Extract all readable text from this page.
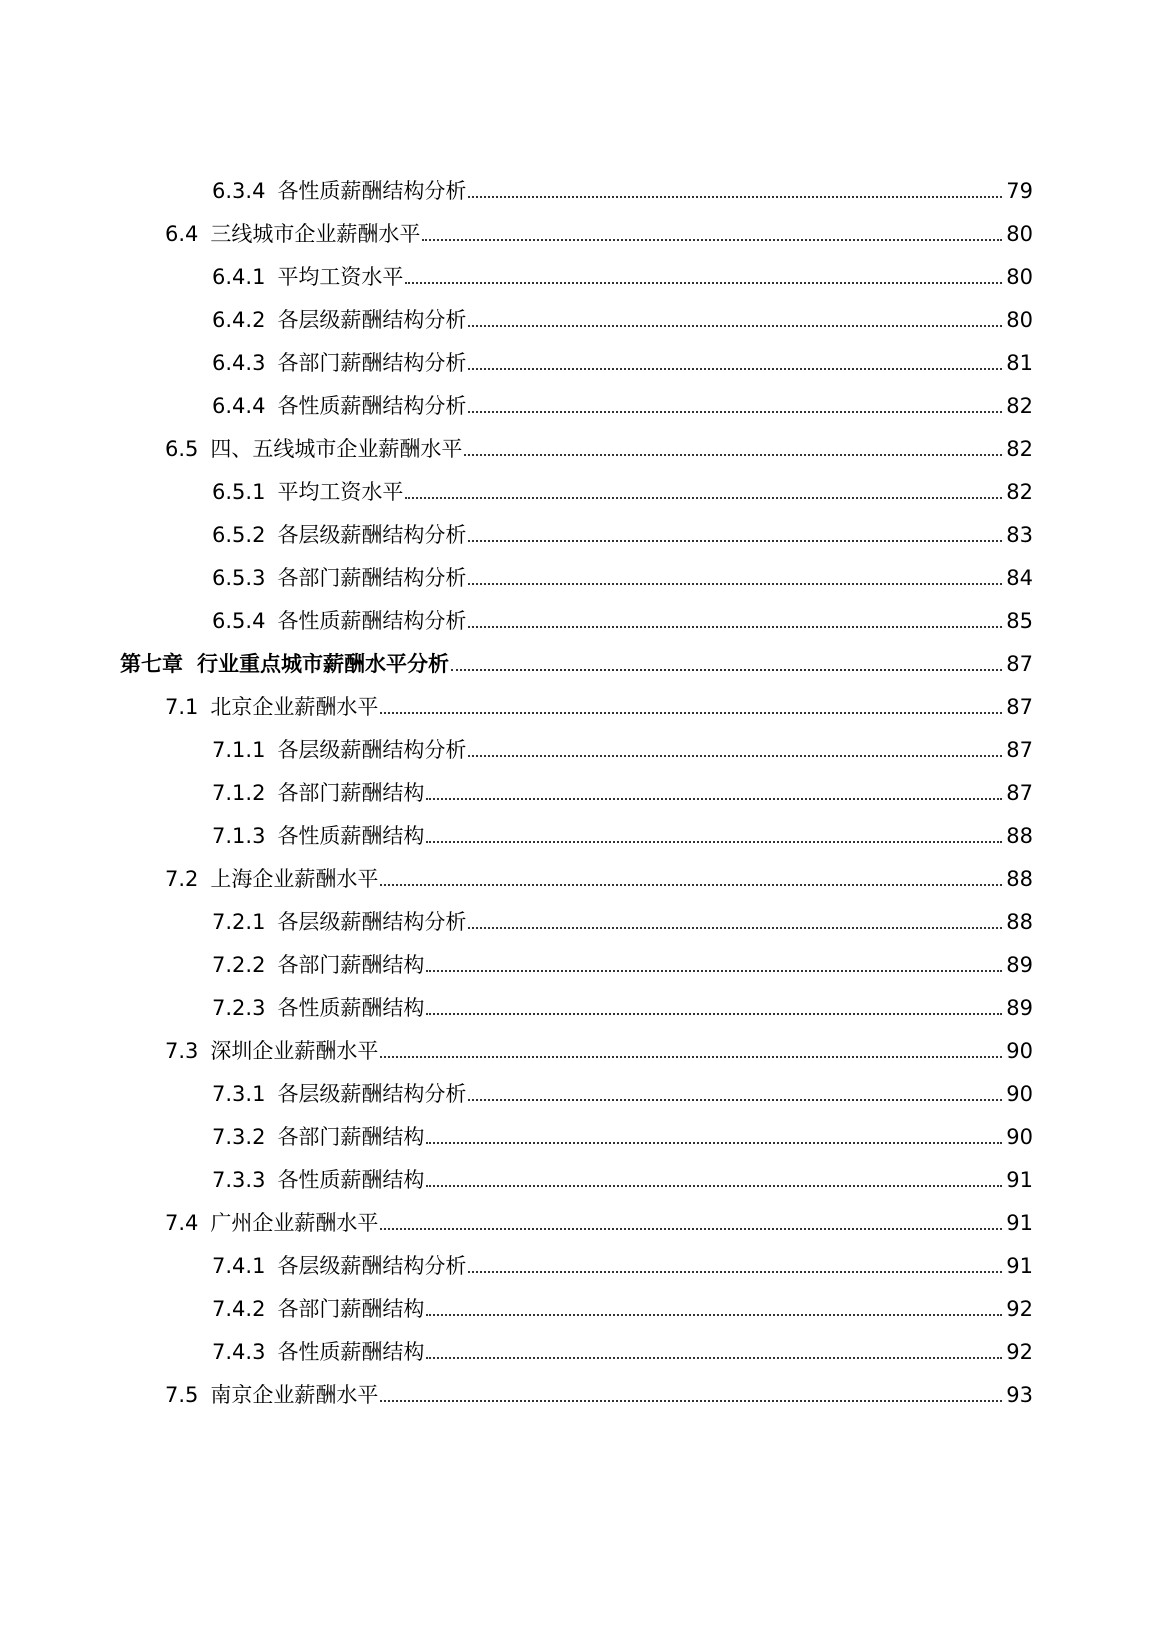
6.3.4 各性质薪酬结构分析	79
6.4 三线城市企业薪酬水平	80
6.4.1 平均工资水平	80
6.4.2 各层级薪酬结构分析	80
6.4.3 各部门薪酬结构分析	81
6.4.4 各性质薪酬结构分析	82
6.5 四、五线城市企业薪酬水平	82
6.5.1 平均工资水平	82
6.5.2 各层级薪酬结构分析	83
6.5.3 各部门薪酬结构分析	84
6.5.4 各性质薪酬结构分析	85
第七章 行业重点城市薪酬水平分析	87
7.1 北京企业薪酬水平	87
7.1.1 各层级薪酬结构分析	87
7.1.2 各部门薪酬结构	87
7.1.3 各性质薪酬结构	88
7.2 上海企业薪酬水平	88
7.2.1 各层级薪酬结构分析	88
7.2.2 各部门薪酬结构	89
7.2.3 各性质薪酬结构	89
7.3 深圳企业薪酬水平	90
7.3.1 各层级薪酬结构分析	90
7.3.2 各部门薪酬结构	90
7.3.3 各性质薪酬结构	91
7.4 广州企业薪酬水平	91
7.4.1 各层级薪酬结构分析	91
7.4.2 各部门薪酬结构	92
7.4.3 各性质薪酬结构	92
7.5 南京企业薪酬水平	93
